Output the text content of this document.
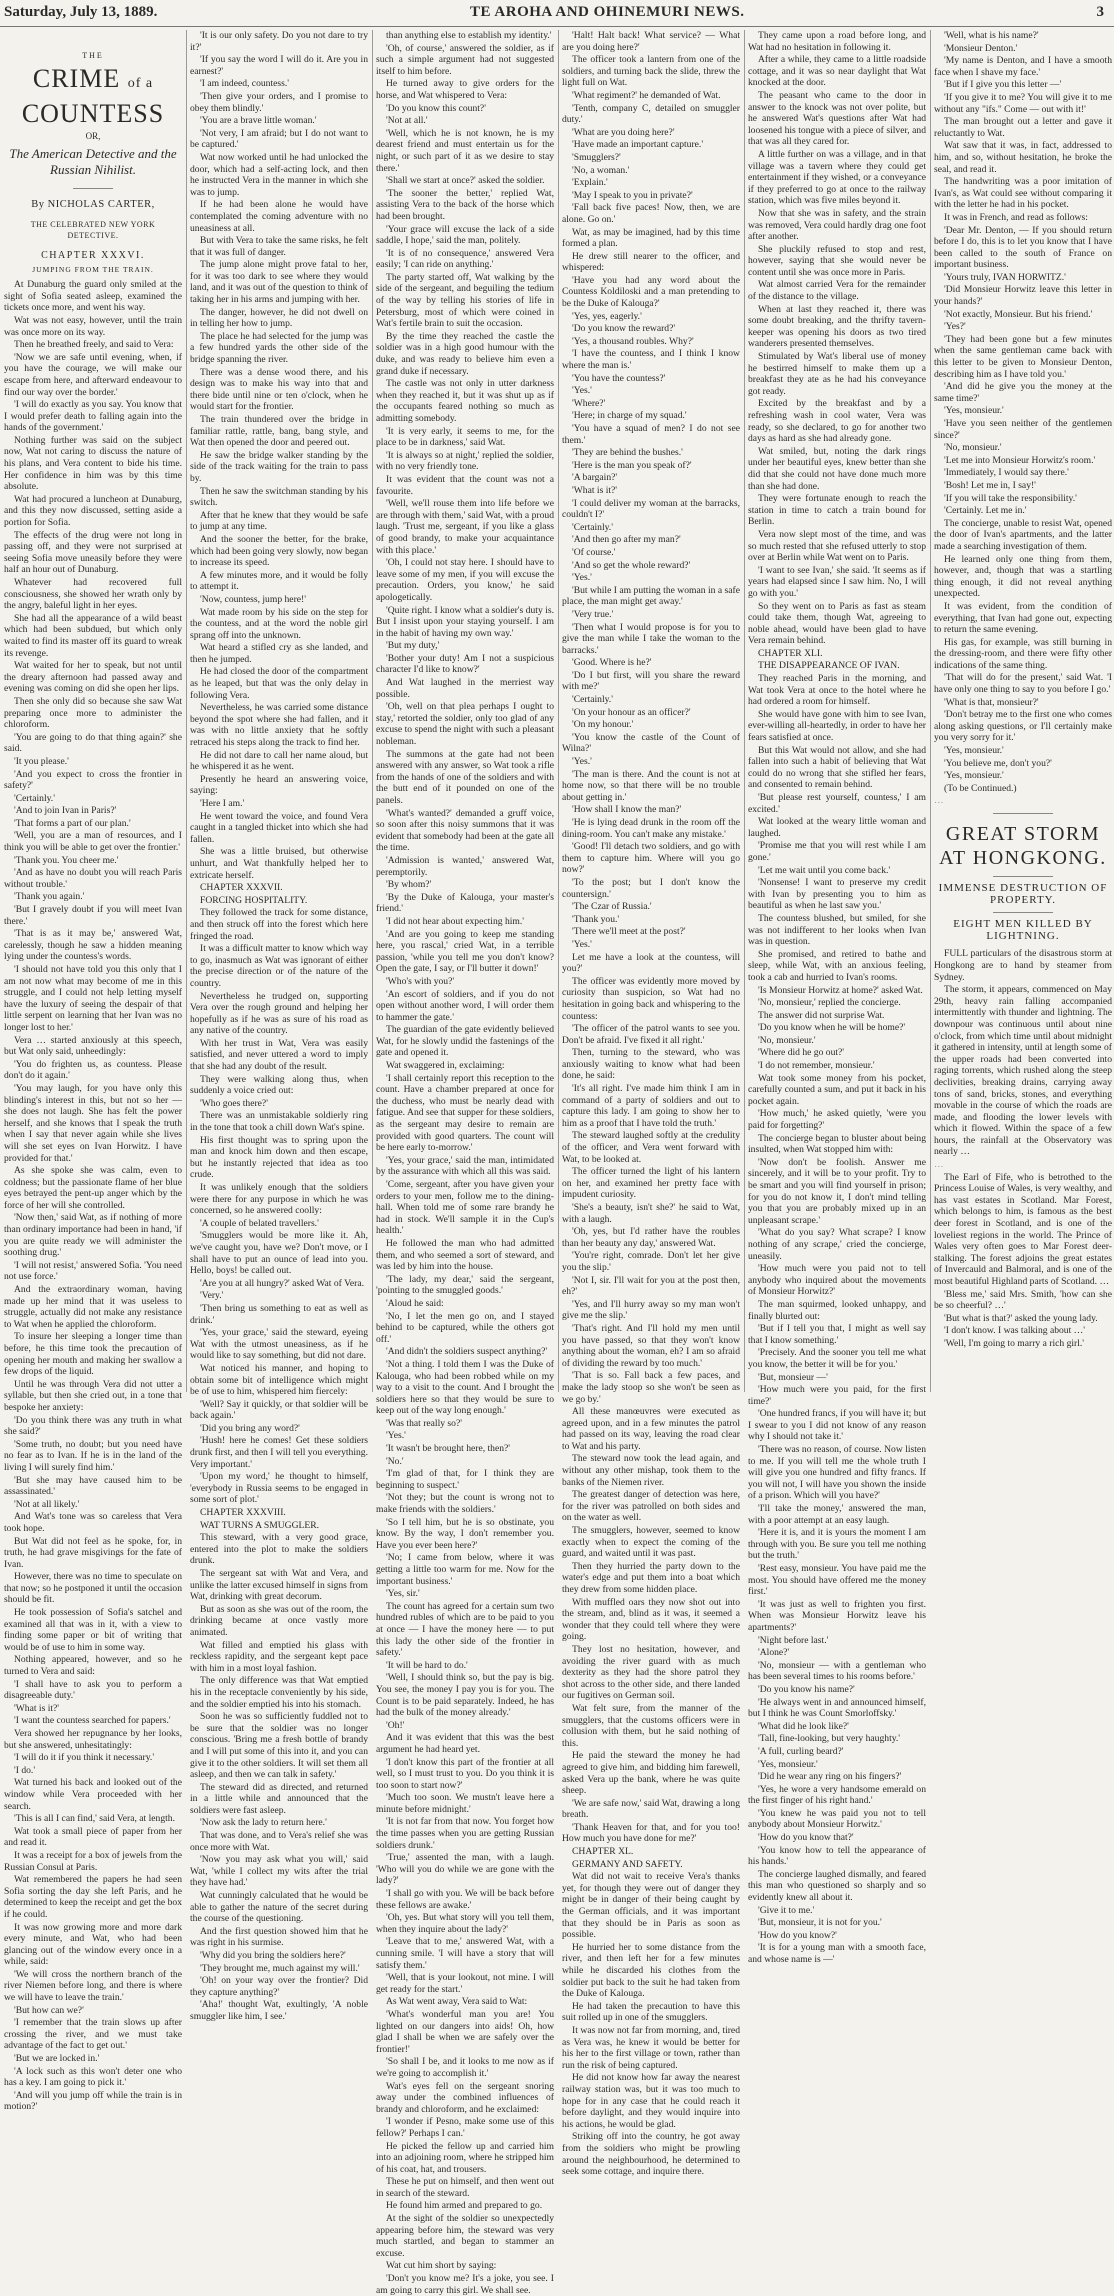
Saturday, July 13, 1889.	TE AROHA AND OHINEMURI NEWS.	3
THE
CRIME of a COUNTESS
OR,
The American Detective and the Russian Nihilist.
By NICHOLAS CARTER,
THE CELEBRATED NEW YORK DETECTIVE.
CHAPTER XXXVI.
JUMPING FROM THE TRAIN.

At Dunaburg the guard only smiled at the sight of Sofia seated asleep, examined the tickets once more, and went his way.

Wat was not easy, however, until the train was once more on its way.

Then he breathed freely, and said to Vera:

'Now we are safe until evening, when, if you have the courage, we will make our escape from here, and afterward endeavour to find our way over the border.'

'I will do exactly as you say. You know that I would prefer death to falling again into the hands of the government.'

Nothing further was said on the subject now, Wat not caring to discuss the nature of his plans, and Vera content to bide his time. Her confidence in him was by this time absolute.

Wat had procured a luncheon at Dunaburg, and this they now discussed, setting aside a portion for Sofia.

The effects of the drug were not long in passing off, and they were not surprised at seeing Sofia move uneasily before they were half an hour out of Dunaburg.

Whatever had recovered full consciousness, she showed her wrath only by the angry, baleful light in her eyes.

She had all the appearance of a wild beast which had been subdued, but which only waited to find its master off its guard to wreak its revenge.

Wat waited for her to speak, but not until the dreary afternoon had passed away and evening was coming on did she open her lips.

Then she only did so because she saw Wat preparing once more to administer the chloroform.

'You are going to do that thing again?' she said.

'It you please.'

'And you expect to cross the frontier in safety?'

'Certainly.'

'And to join Ivan in Paris?'

'That forms a part of our plan.'

'Well, you are a man of resources, and I think you will be able to get over the frontier.'

'Thank you. You cheer me.'

'And as have no doubt you will reach Paris without trouble.'

'Thank you again.'

'But I gravely doubt if you will meet Ivan there.'

'That is as it may be,' answered Wat, carelessly, though he saw a hidden meaning lying under the countess's words.

'I should not have told you this only that I am not now what may become of me in this struggle, and I could not help letting myself have the luxury of seeing the despair of that little serpent on learning that her Ivan was no longer lost to her.'

Vera … started anxiously at this speech, but Wat only said, unheedingly:

'You do frighten us, as countess. Please don't do it again.'

'You may laugh, for you have only this blinding's interest in this, but not so her — she does not laugh. She has felt the power herself, and she knows that I speak the truth when I say that never again while she lives will she set eyes on Ivan Horwitz. I have provided for that.'

As she spoke she was calm, even to coldness; but the passionate flame of her blue eyes betrayed the pent-up anger which by the force of her will she controlled.

'Now then,' said Wat, as if nothing of more than ordinary importance had been in hand, 'if you are quite ready we will administer the soothing drug.'

'I will not resist,' answered Sofia. 'You need not use force.'

And the extraordinary woman, having made up her mind that it was useless to struggle, actually did not make any resistance to Wat when he applied the chloroform.

To insure her sleeping a longer time than before, he this time took the precaution of opening her mouth and making her swallow a few drops of the liquid.

Until he was through Vera did not utter a syllable, but then she cried out, in a tone that bespoke her anxiety:

'Do you think there was any truth in what she said?'

'Some truth, no doubt; but you need have no fear as to Ivan. If he is in the land of the living I will surely find him.'

'But she may have caused him to be assassinated.'

'Not at all likely.'

And Wat's tone was so careless that Vera took hope.

But Wat did not feel as he spoke, for, in truth, he had grave misgivings for the fate of Ivan.

However, there was no time to speculate on that now; so he postponed it until the occasion should be fit.

He took possession of Sofia's satchel and examined all that was in it, with a view to finding some paper or bit of writing that would be of use to him in some way.

Nothing appeared, however, and so he turned to Vera and said:

'I shall have to ask you to perform a disagreeable duty.'

'What is it?'

'I want the countess searched for papers.'

Vera showed her repugnance by her looks, but she answered, unhesitatingly:

'I will do it if you think it necessary.'

'I do.'

Wat turned his back and looked out of the window while Vera proceeded with her search.

'This is all I can find,' said Vera, at length.

Wat took a small piece of paper from her and read it.

It was a receipt for a box of jewels from the Russian Consul at Paris.

Wat remembered the papers he had seen Sofia sorting the day she left Paris, and he determined to keep the receipt and get the box if he could.

It was now growing more and more dark every minute, and Wat, who had been glancing out of the window every once in a while, said:

'We will cross the northern branch of the river Niemen before long, and there is where we will have to leave the train.'

'But how can we?'

'I remember that the train slows up after crossing the river, and we must take advantage of the fact to get out.'

'But we are locked in.'

'A lock such as this won't deter one who has a key. I am going to pick it.'

'And will you jump off while the train is in motion?'

'It is our only safety. Do you not dare to try it?'

'If you say the word I will do it. Are you in earnest?'

'I am indeed, countess.'

'Then give your orders, and I promise to obey them blindly.'

'You are a brave little woman.'

'Not very, I am afraid; but I do not want to be captured.'

Wat now worked until he had unlocked the door, which had a self-acting lock, and then he instructed Vera in the manner in which she was to jump.

If he had been alone he would have contemplated the coming adventure with no uneasiness at all.

But with Vera to take the same risks, he felt that it was full of danger.

The jump alone might prove fatal to her, for it was too dark to see where they would land, and it was out of the question to think of taking her in his arms and jumping with her.

The danger, however, he did not dwell on in telling her how to jump.

The place he had selected for the jump was a few hundred yards the other side of the bridge spanning the river.

There was a dense wood there, and his design was to make his way into that and there bide until nine or ten o'clock, when he would start for the frontier.

The train thundered over the bridge in familiar rattle, rattle, bang, bang style, and Wat then opened the door and peered out.

He saw the bridge walker standing by the side of the track waiting for the train to pass by.

Then he saw the switchman standing by his switch.

After that he knew that they would be safe to jump at any time.

And the sooner the better, for the brake, which had been going very slowly, now began to increase its speed.

A few minutes more, and it would be folly to attempt it.

'Now, countess, jump here!'

Wat made room by his side on the step for the countess, and at the word the noble girl sprang off into the unknown.

Wat heard a stifled cry as she landed, and then he jumped.

He had closed the door of the compartment as he leaped, but that was the only delay in following Vera.

Nevertheless, he was carried some distance beyond the spot where she had fallen, and it was with no little anxiety that he softly retraced his steps along the track to find her.

He did not dare to call her name aloud, but he whispered it as he went.

Presently he heard an answering voice, saying:

'Here I am.'

He went toward the voice, and found Vera caught in a tangled thicket into which she had fallen.

She was a little bruised, but otherwise unhurt, and Wat thankfully helped her to extricate herself.

CHAPTER XXXVII.

FORCING HOSPITALITY.

They followed the track for some distance, and then struck off into the forest which here fringed the road.

It was a difficult matter to know which way to go, inasmuch as Wat was ignorant of either the precise direction or of the nature of the country.

Nevertheless he trudged on, supporting Vera over the rough ground and helping her hopefully as if he was as sure of his road as any native of the country.

With her trust in Wat, Vera was easily satisfied, and never uttered a word to imply that she had any doubt of the result.

They were walking along thus, when suddenly a voice cried out:

'Who goes there?'

There was an unmistakable soldierly ring in the tone that took a chill down Wat's spine.

His first thought was to spring upon the man and knock him down and then escape, but he instantly rejected that idea as too crude.

It was unlikely enough that the soldiers were there for any purpose in which he was concerned, so he answered coolly:

'A couple of belated travellers.'

'Smugglers would be more like it. Ah, we've caught you, have we? Don't move, or I shall have to put an ounce of lead into you. Hello, boys! be called out.

'Are you at all hungry?' asked Wat of Vera.

'Very.'

'Then bring us something to eat as well as drink.'

'Yes, your grace,' said the steward, eyeing Wat with the utmost uneasiness, as if he would like to say something, but did not dare.

Wat noticed his manner, and hoping to obtain some bit of intelligence which might be of use to him, whispered him fiercely:

'Well? Say it quickly, or that soldier will be back again.'

'Did you bring any word?'

'Hush! here he comes! Get these soldiers drunk first, and then I will tell you everything. Very important.'

'Upon my word,' he thought to himself, 'everybody in Russia seems to be engaged in some sort of plot.'

CHAPTER XXXVIII.

WAT TURNS A SMUGGLER.

This steward, with a very good grace, entered into the plot to make the soldiers drunk.

The sergeant sat with Wat and Vera, and unlike the latter excused himself in signs from Wat, drinking with great decorum.

But as soon as she was out of the room, the drinking became at once vastly more animated.

Wat filled and emptied his glass with reckless rapidity, and the sergeant kept pace with him in a most loyal fashion.

The only difference was that Wat emptied his in the receptacle conveniently by his side, and the soldier emptied his into his stomach.

Soon he was so sufficiently fuddled not to be sure that the soldier was no longer conscious. 'Bring me a fresh bottle of brandy and I will put some of this into it, and you can give it to the other soldiers. It will set them all asleep, and then we can talk in safety.'

The steward did as directed, and returned in a little while and announced that the soldiers were fast asleep.

'Now ask the lady to return here.'

That was done, and to Vera's relief she was once more with Wat.

'Now you may ask what you will,' said Wat, 'while I collect my wits after the trial they have had.'

Wat cunningly calculated that he would be able to gather the nature of the secret during the course of the questioning.

And the first question showed him that he was right in his surmise.

'Why did you bring the soldiers here?'

'They brought me, much against my will.'

'Oh! on your way over the frontier? Did they capture anything?'

'Aha!' thought Wat, exultingly, 'A noble smuggler like him, I see.'

than anything else to establish my identity.'

'Oh, of course,' answered the soldier, as if such a simple argument had not suggested itself to him before.

He turned away to give orders for the horse, and Wat whispered to Vera:

'Do you know this count?'

'Not at all.'

'Well, which he is not known, he is my dearest friend and must entertain us for the night, or such part of it as we desire to stay there.'

'Shall we start at once?' asked the soldier.

'The sooner the better,' replied Wat, assisting Vera to the back of the horse which had been brought.

'Your grace will excuse the lack of a side saddle, I hope,' said the man, politely.

'It is of no consequence,' answered Vera easily; 'I can ride on anything.'

The party started off, Wat walking by the side of the sergeant, and beguiling the tedium of the way by telling his stories of life in Petersburg, most of which were coined in Wat's fertile brain to suit the occasion.

By the time they reached the castle the soldier was in a high good humour with the duke, and was ready to believe him even a grand duke if necessary.

The castle was not only in utter darkness when they reached it, but it was shut up as if the occupants feared nothing so much as admitting somebody.

'It is very early, it seems to me, for the place to be in darkness,' said Wat.

'It is always so at night,' replied the soldier, with no very friendly tone.

It was evident that the count was not a favourite.

'Well, we'll rouse them into life before we are through with them,' said Wat, with a proud laugh. 'Trust me, sergeant, if you like a glass of good brandy, to make your acquaintance with this place.'

'Oh, I could not stay here. I should have to leave some of my men, if you will excuse the precaution. Orders, you know,' he said apologetically.

'Quite right. I know what a soldier's duty is. But I insist upon your staying yourself. I am in the habit of having my own way.'

'But my duty,'

'Bother your duty! Am I not a suspicious character I'd like to know?'

And Wat laughed in the merriest way possible.

'Oh, well on that plea perhaps I ought to stay,' retorted the soldier, only too glad of any excuse to spend the night with such a pleasant nobleman.

The summons at the gate had not been answered with any answer, so Wat took a rifle from the hands of one of the soldiers and with the butt end of it pounded on one of the panels.

'What's wanted?' demanded a gruff voice, so soon after this noisy summons that it was evident that somebody had been at the gate all the time.

'Admission is wanted,' answered Wat, peremptorily.

'By whom?'

'By the Duke of Kalouga, your master's friend.'

'I did not hear about expecting him.'

'And are you going to keep me standing here, you rascal,' cried Wat, in a terrible passion, 'while you tell me you don't know? Open the gate, I say, or I'll butter it down!'

'Who's with you?'

'An escort of soldiers, and if you do not open without another word, I will order them to hammer the gate.'

The guardian of the gate evidently believed Wat, for he slowly undid the fastenings of the gate and opened it.

Wat swaggered in, exclaiming:

'I shall certainly report this reception to the count. Have a chamber prepared at once for the duchess, who must be nearly dead with fatigue. And see that supper for these soldiers, as the sergeant may desire to remain are provided with good quarters. The count will be here early to-morrow.'

'Yes, your grace,' said the man, intimidated by the assurance with which all this was said.

'Come, sergeant, after you have given your orders to your men, follow me to the dining-hall. When told me of some rare brandy he had in stock. We'll sample it in the Cup's health.'

He followed the man who had admitted them, and who seemed a sort of steward, and was led by him into the house.

'The lady, my dear,' said the sergeant, 'pointing to the smuggled goods.'

'Aloud he said:

'No, I let the men go on, and I stayed behind to be captured, while the others got off.'

'And didn't the soldiers suspect anything?'

'Not a thing. I told them I was the Duke of Kalouga, who had been robbed while on my way to a visit to the count. And I brought the soldiers here so that they would be sure to keep out of the way long enough.'

'Was that really so?'

'Yes.'

'It wasn't be brought here, then?'

'No.'

'I'm glad of that, for I think they are beginning to suspect.'

'Not they; but the count is wrong not to make friends with the soldiers.'

'So I tell him, but he is so obstinate, you know. By the way, I don't remember you. Have you ever been here?'

'No; I came from below, where it was getting a little too warm for me. Now for the important business.'

'Yes, sir.'

The count has agreed for a certain sum two hundred rubles of which are to be paid to you at once — I have the money here — to put this lady the other side of the frontier in safety.'

'It will be hard to do.'

'Well, I should think so, but the pay is big. You see, the money I pay you is for you. The Count is to be paid separately. Indeed, he has had the bulk of the money already.'

'Oh!'

And it was evident that this was the best argument he had heard yet.

'I don't know this part of the frontier at all well, so I must trust to you. Do you think it is too soon to start now?'

'Much too soon. We mustn't leave here a minute before midnight.'

'It is not far from that now. You forget how the time passes when you are getting Russian soldiers drunk.'

'True,' assented the man, with a laugh. 'Who will you do while we are gone with the lady?'

'I shall go with you. We will be back before these fellows are awake.'

'Oh, yes. But what story will you tell them, when they inquire about the lady?'

'Leave that to me,' answered Wat, with a cunning smile. 'I will have a story that will satisfy them.'

'Well, that is your lookout, not mine. I will get ready for the start.'

As Wat went away, Vera said to Wat:

'What's wonderful man you are! You lighted on our dangers into aids! Oh, how glad I shall be when we are safely over the frontier!'

'So shall I be, and it looks to me now as if we're going to accomplish it.'

Wat's eyes fell on the sergeant snoring away under the combined influences of brandy and chloroform, and he exclaimed:

'I wonder if Pesno, make some use of this fellow?' Perhaps I can.'

He picked the fellow up and carried him into an adjoining room, where he stripped him of his coat, hat, and trousers.

These he put on himself, and then went out in search of the steward.

He found him armed and prepared to go.

At the sight of the soldier so unexpectedly appearing before him, the steward was very much startled, and began to stammer an excuse.

Wat cut him short by saying:

'Don't you know me? It's a joke, you see. I am going to carry this girl. We shall see.

'Halt! Halt back! What service? — What are you doing here?'

The officer took a lantern from one of the soldiers, and turning back the slide, threw the light full on Wat.

'What regiment?' he demanded of Wat.

'Tenth, company C, detailed on smuggler duty.'

'What are you doing here?'

'Have made an important capture.'

'Smugglers?'

'No, a woman.'

'Explain.'

'May I speak to you in private?'

'Fall back five paces! Now, then, we are alone. Go on.'

Wat, as may be imagined, had by this time formed a plan.

He drew still nearer to the officer, and whispered:

'Have you had any word about the Countess Koldiloski and a man pretending to be the Duke of Kalouga?'

'Yes, yes, eagerly.'

'Do you know the reward?'

'Yes, a thousand roubles. Why?'

'I have the countess, and I think I know where the man is.'

'You have the countess?'

'Yes.'

'Where?'

'Here; in charge of my squad.'

'You have a squad of men? I do not see them.'

'They are behind the bushes.'

'Here is the man you speak of?'

'A bargain?'

'What is it?'

'I could deliver my woman at the barracks, couldn't I?'

'Certainly.'

'And then go after my man?'

'Of course.'

'And so get the whole reward?'

'Yes.'

'But while I am putting the woman in a safe place, the man might get away.'

'Very true.'

'Then what I would propose is for you to give the man while I take the woman to the barracks.'

'Good. Where is he?'

'Do I but first, will you share the reward with me?'

'Certainly.'

'On your honour as an officer?'

'On my honour.'

'You know the castle of the Count of Wilna?'

'Yes.'

'The man is there. And the count is not at home now, so that there will be no trouble about getting in.'

'How shall I know the man?'

'He is lying dead drunk in the room off the dining-room. You can't make any mistake.'

'Good! I'll detach two soldiers, and go with them to capture him. Where will you go now?'

'To the post; but I don't know the countersign.'

'The Czar of Russia.'

'Thank you.'

'There we'll meet at the post?'

'Yes.'

Let me have a look at the countess, will you?'

The officer was evidently more moved by curiosity than suspicion, so Wat had no hesitation in going back and whispering to the countess:

'The officer of the patrol wants to see you. Don't be afraid. I've fixed it all right.'

Then, turning to the steward, who was anxiously waiting to know what had been done, he said:

'It's all right. I've made him think I am in command of a party of soldiers and out to capture this lady. I am going to show her to him as a proof that I have told the truth.'

The steward laughed softly at the credulity of the officer, and Vera went forward with Wat, to be looked at.

The officer turned the light of his lantern on her, and examined her pretty face with impudent curiosity.

'She's a beauty, isn't she?' he said to Wat, with a laugh.

'Oh, yes, but I'd rather have the roubles than her beauty any day,' answered Wat.

'You're right, comrade. Don't let her give you the slip.'

'Not I, sir. I'll wait for you at the post then, eh?'

'Yes, and I'll hurry away so my man won't give me the slip.'

'That's right. And I'll hold my men until you have passed, so that they won't know anything about the woman, eh? I am so afraid of dividing the reward by too much.'

'That is so. Fall back a few paces, and make the lady stoop so she won't be seen as we go by.'

All these manœuvres were executed as agreed upon, and in a few minutes the patrol had passed on its way, leaving the road clear to Wat and his party.

The steward now took the lead again, and without any other mishap, took them to the banks of the Niemen river.

The greatest danger of detection was here, for the river was patrolled on both sides and on the water as well.

The smugglers, however, seemed to know exactly when to expect the coming of the guard, and waited until it was past.

Then they hurried the party down to the water's edge and put them into a boat which they drew from some hidden place.

With muffled oars they now shot out into the stream, and, blind as it was, it seemed a wonder that they could tell where they were going.

They lost no hesitation, however, and avoiding the river guard with as much dexterity as they had the shore patrol they shot across to the other side, and there landed our fugitives on German soil.

Wat felt sure, from the manner of the smugglers, that the customs officers were in collusion with them, but he said nothing of this.

He paid the steward the money he had agreed to give him, and bidding him farewell, asked Vera up the bank, where he was quite sheep.

'We are safe now,' said Wat, drawing a long breath.

'Thank Heaven for that, and for you too! How much you have done for me?'

CHAPTER XL.

GERMANY AND SAFETY.

Wat did not wait to receive Vera's thanks yet, for though they were out of danger they might be in danger of their being caught by the German officials, and it was important that they should be in Paris as soon as possible.

He hurried her to some distance from the river, and then left her for a few minutes while he discarded his clothes from the soldier put back to the suit he had taken from the Duke of Kalouga.

He had taken the precaution to have this suit rolled up in one of the smugglers.

It was now not far from morning, and, tired as Vera was, he knew it would be better for his her to the first village or town, rather than run the risk of being captured.

He did not know how far away the nearest railway station was, but it was too much to hope for in any case that he could reach it before daylight, and they would inquire into his actions, he would be glad.

Striking off into the country, he got away from the soldiers who might be prowling around the neighbourhood, he determined to seek some cottage, and inquire there.

They came upon a road before long, and Wat had no hesitation in following it.

After a while, they came to a little roadside cottage, and it was so near daylight that Wat knocked at the door.

The peasant who came to the door in answer to the knock was not over polite, but he answered Wat's questions after Wat had loosened his tongue with a piece of silver, and that was all they cared for.

A little further on was a village, and in that village was a tavern where they could get entertainment if they wished, or a conveyance if they preferred to go at once to the railway station, which was five miles beyond it.

Now that she was in safety, and the strain was removed, Vera could hardly drag one foot after another.

She pluckily refused to stop and rest, however, saying that she would never be content until she was once more in Paris.

Wat almost carried Vera for the remainder of the distance to the village.

When at last they reached it, there was some doubt breaking, and the thrifty tavern-keeper was opening his doors as two tired wanderers presented themselves.

Stimulated by Wat's liberal use of money he bestirred himself to make them up a breakfast they ate as he had his conveyance got ready.

Excited by the breakfast and by a refreshing wash in cool water, Vera was ready, so she declared, to go for another two days as hard as she had already gone.

Wat smiled, but, noting the dark rings under her beautiful eyes, knew better than she did that she could not have done much more than she had done.

They were fortunate enough to reach the station in time to catch a train bound for Berlin.

Vera now slept most of the time, and was so much rested that she refused utterly to stop over at Berlin while Wat went on to Paris.

'I want to see Ivan,' she said. 'It seems as if years had elapsed since I saw him. No, I will go with you.'

So they went on to Paris as fast as steam could take them, though Wat, agreeing to noble ahead, would have been glad to have Vera remain behind.

CHAPTER XLI.

THE DISAPPEARANCE OF IVAN.

They reached Paris in the morning, and Wat took Vera at once to the hotel where he had ordered a room for himself.

She would have gone with him to see Ivan, ever-willing all-heartedly, in order to have her fears satisfied at once.

But this Wat would not allow, and she had fallen into such a habit of believing that Wat could do no wrong that she stifled her fears, and consented to remain behind.

'But please rest yourself, countess,' I am excited.'

Wat looked at the weary little woman and laughed.

'Promise me that you will rest while I am gone.'

'Let me wait until you come back.'

'Nonsense! I want to preserve my credit with Ivan by presenting you to him as beautiful as when he last saw you.'

The countess blushed, but smiled, for she was not indifferent to her looks when Ivan was in question.

She promised, and retired to bathe and sleep, while Wat, with an anxious feeling, took a cab and hurried to Ivan's rooms.

'Is Monsieur Horwitz at home?' asked Wat.

'No, monsieur,' replied the concierge.

The answer did not surprise Wat.

'Do you know when he will be home?'

'No, monsieur.'

'Where did he go out?'

'I do not remember, monsieur.'

Wat took some money from his pocket, carefully counted a sum, and put it back in his pocket again.

'How much,' he asked quietly, 'were you paid for forgetting?'

The concierge began to bluster about being insulted, when Wat stopped him with:

'Now don't be foolish. Answer me sincerely, and it will be to your profit. Try to be smart and you will find yourself in prison; for you do not know it, I don't mind telling you that you are probably mixed up in an unpleasant scrape.'

'What do you say? What scrape? I know nothing of any scrape,' cried the concierge, uneasily.

'How much were you paid not to tell anybody who inquired about the movements of Monsieur Horwitz?'

The man squirmed, looked unhappy, and finally blurted out:

'But if I tell you that, I might as well say that I know something.'

'Precisely. And the sooner you tell me what you know, the better it will be for you.'

'But, monsieur —'

'How much were you paid, for the first time?'

'One hundred francs, if you will have it; but I swear to you I did not know of any reason why I should not take it.'

'There was no reason, of course. Now listen to me. If you will tell me the whole truth I will give you one hundred and fifty francs. If you will not, I will have you shown the inside of a prison. Which will you have?'

'I'll take the money,' answered the man, with a poor attempt at an easy laugh.

'Here it is, and it is yours the moment I am through with you. Be sure you tell me nothing but the truth.'

'Rest easy, monsieur. You have paid me the most. You should have offered me the money first.'

'It was just as well to frighten you first. When was Monsieur Horwitz leave his apartments?'

'Night before last.'

'Alone?'

'No, monsieur — with a gentleman who has been several times to his rooms before.'

'Do you know his name?'

'He always went in and announced himself, but I think he was Count Smorloffsky.'

'What did he look like?'

'Tall, fine-looking, but very haughty.'

'A full, curling beard?'

'Yes, monsieur.'

'Did he wear any ring on his fingers?'

'Yes, he wore a very handsome emerald on the first finger of his right hand.'

'You knew he was paid you not to tell anybody about Monsieur Horwitz.'

'How do you know that?'

'You know how to tell the appearance of his hands.'

The concierge laughed dismally, and feared this man who questioned so sharply and so evidently knew all about it.

'Give it to me.'

'But, monsieur, it is not for you.'

'How do you know?'

'It is for a young man with a smooth face, and whose name is —'

'Well, what is his name?'

'Monsieur Denton.'

'My name is Denton, and I have a smooth face when I shave my face.'

'But if I give you this letter —'

'If you give it to me? You will give it to me without any "ifs." Come — out with it!'

The man brought out a letter and gave it reluctantly to Wat.

Wat saw that it was, in fact, addressed to him, and so, without hesitation, he broke the seal, and read it.

The handwriting was a poor imitation of Ivan's, as Wat could see without comparing it with the letter he had in his pocket.

It was in French, and read as follows:

'Dear Mr. Denton, — If you should return before I do, this is to let you know that I have been called to the south of France on important business.

'Yours truly, IVAN HORWITZ.'

'Did Monsieur Horwitz leave this letter in your hands?'

'Not exactly, Monsieur. But his friend.'

'Yes?'

'They had been gone but a few minutes when the same gentleman came back with this letter to be given to Monsieur Denton, describing him as I have told you.'

'And did he give you the money at the same time?'

'Yes, monsieur.'

'Have you seen neither of the gentlemen since?'

'No, monsieur.'

'Let me into Monsieur Horwitz's room.'

'Immediately, I would say there.'

'Bosh! Let me in, I say!'

'If you will take the responsibility.'

'Certainly. Let me in.'

The concierge, unable to resist Wat, opened the door of Ivan's apartments, and the latter made a searching investigation of them.

He learned only one thing from them, however, and, though that was a startling thing enough, it did not reveal anything unexpected.

It was evident, from the condition of everything, that Ivan had gone out, expecting to return the same evening.

His gas, for example, was still burning in the dressing-room, and there were fifty other indications of the same thing.

'That will do for the present,' said Wat. 'I have only one thing to say to you before I go.'

'What is that, monsieur?'

'Don't betray me to the first one who comes along asking questions, or I'll certainly make you very sorry for it.'

'Yes, monsieur.'

'You believe me, don't you?'

'Yes, monsieur.'

(To be Continued.)

…

GREAT STORM AT HONGKONG.
IMMENSE DESTRUCTION OF PROPERTY.
EIGHT MEN KILLED BY LIGHTNING.

FULL particulars of the disastrous storm at Hongkong are to hand by steamer from Sydney.

The storm, it appears, commenced on May 29th, heavy rain falling accompanied intermittently with thunder and lightning. The downpour was continuous until about nine o'clock, from which time until about midnight it gathered in intensity, until at length some of the upper roads had been converted into raging torrents, which rushed along the steep declivities, breaking drains, carrying away tons of sand, bricks, stones, and everything movable in the course of which the roads are made, and flooding the lower levels with which it flowed. Within the space of a few hours, the rainfall at the Observatory was nearly …

…

The Earl of Fife, who is betrothed to the Princess Louise of Wales, is very wealthy, and has vast estates in Scotland. Mar Forest, which belongs to him, is famous as the best deer forest in Scotland, and is one of the loveliest regions in the world. The Prince of Wales very often goes to Mar Forest deer-stalking. The forest adjoins the great estates of Invercauld and Balmoral, and is one of the most beautiful Highland parts of Scotland. …

'Bless me,' said Mrs. Smith, 'how can she be so cheerful? …'

'But what is that?' asked the young lady.

'I don't know. I was talking about …'

'Well, I'm going to marry a rich girl.'
